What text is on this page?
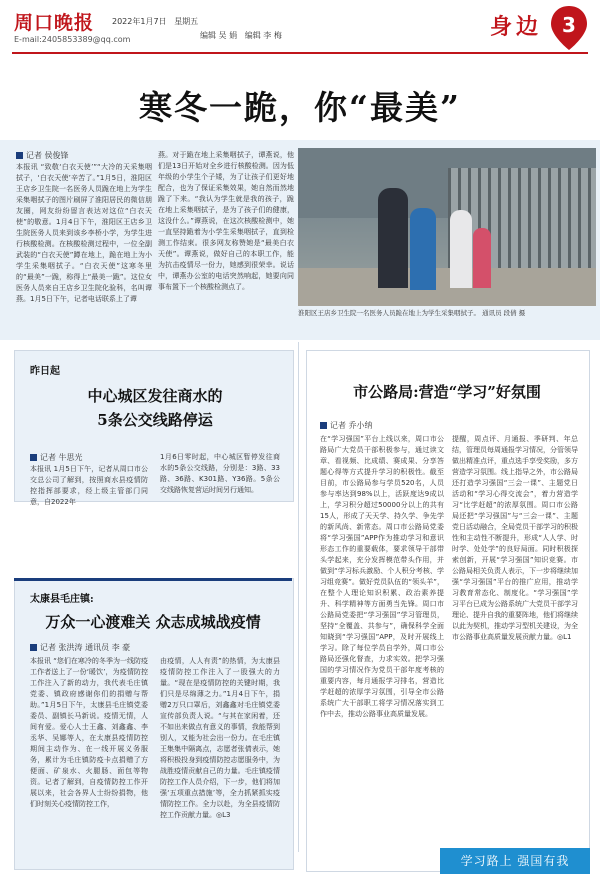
周口晚报
E-mail:2405853389@qq.com
2022年1月7日 星期五
编辑 吴 娟 编辑 李 梅	身边 3
寒冬一跪，你“最美”
记者 侯俊锋
本报讯 “致敬‘白衣天使’”“大冷的天采集咽拭子，‘白衣天使’辛苦了。”1月5日，淮阳区王店乡卫生院一名医务人员跪在地上为学生采集咽拭子的图片刷屏了淮阳居民的微信朋友圈，网友纷纷留言表达对这位“白衣天使”的敬意。1月4日下午，淮阳区王店乡卫生院医务人员来到该乡李桥小学，为学生进行核酸检测。在核酸检测过程中，一位全副武装的“白衣天使”蹲在地上，跪在地上为小学生采集咽拭子。“白衣天使”这寒冬里的“最美”一跪，称得上“最美一跪”。这位女医务人员来自王店乡卫生院化验科，名叫谭燕。1月5日下午，记者电话联系上了谭
燕。对于跪在地上采集咽拭子，谭燕说，他们是13日开始对全乡进行核酸检测。因为低年级的小学生个子矮，为了让孩子们更好地配合，也为了保证采集效果，她自然而然地跪了下来。“我认为学生就是我的孩子，跪在地上采集咽拭子，是为了孩子们的健康，这没什么。”谭燕说，在这次核酸检测中，她一直坚持跪着为小学生采集咽拭子，直到检测工作结束。很多网友称赞她是“最美白衣天使”。谭燕说，做好自己的本职工作，能为抗击疫情尽一份力，她感到很荣幸。说话中，谭燕办公室的电话突然响起，她要向同事布置下一个核酸检测点了。
淮阳区王店乡卫生院一名医务人员跪在地上为学生采集咽拭子。 通讯员 段倩 摄
昨日起
中心城区发往商水的
5条公交线路停运
记者 牛思光
本报讯 1月5日下午，记者从周口市公交总公司了解到，按照商水县疫情防控指挥部要求，经上级主管部门同意，自2022年
1月6日零时起，中心城区暂停发往商水的5条公交线路，分别是：3路、33路、36路、K301路、Y36路。5条公交线路恢复营运时间另行通知。
太康县毛庄镇:
万众一心渡难关 众志成城战疫情
记者 张洪涛 通讯员 李 豪
本报讯 “您们在寒冷的冬季为一线防疫工作者送上了一份‘暖饮’，为疫情防控工作注入了新的动力，我代表毛庄镇党委、镇政府感谢你们的捐赠与帮助。”1月5日下午，太康县毛庄镇党委委员、副镇长马新说。疫情无情，人间有爱。爱心人士王鑫、刘鑫鑫、李丞华、吴娜等人，在太康县疫情防控期间主动作为、在一线开展义务服务，累计为毛庄镇防疫卡点捐赠了方便面、矿泉水、火腿肠、面包等物资。记者了解到，自疫情防控工作开展以来，社会各界人士纷纷捐物，他们时刻关心疫情防控工作，
由疫情，人人有责”的热情，为太康县疫情防控工作注入了一股强大的力量。“现在是疫情防控的关键时期，我们只是尽绵薄之力。”1月4日下午，捐赠2万只口罩后，刘鑫鑫对毛庄镇党委宣传部负责人说。“与其在家闲着，还不如出来做点有意义的事情，我能帮到别人，又能为社会出一份力。在毛庄镇王集集中隔离点，志愿者张倩表示，她将积极投身到疫情防控志愿服务中，为战胜疫情贡献自己的力量。毛庄镇疫情防控工作人员介绍，下一步，他们将加强‘五项重点措施’等，全力抓紧抓实疫情防控工作。全力以赴，为全县疫情防控工作贡献力量。◎L3
市公路局:营造“学习”好氛围
记者 乔小纳
在“学习强国”平台上线以来，周口市公路局广大党员干部积极参与，通过读文章、看视频、比成绩、赛成果、分享答题心得等方式提升学习的积极性。截至目前，市公路局参与学员520名，人员参与率达到98%以上，活跃度达9成以上，学习积分超过50000分以上的共有15人，形成了天天学、持久学、争先学的新风尚、新常态。周口市公路局党委将“学习强国”APP作为推动学习和意识形态工作的重要载体，要求领导干部带头学起来，充分发挥模范带头作用，并做到“学习标兵激励、个人积分考核、学习组竞赛”。做好党员队伍的“领头羊”，在整个人理论知识积累、政治素养提升、科学精神等方面勇当先锋。周口市公路局党委把“学习强国”学习管理员，坚持“全覆盖、共参与”，确保科学全面知晓到“学习强国”APP，及时开展线上学习。除了每位学员自学外，周口市公路局还强化督查，力求实效。把学习强国的学习情况作为党员干部年度考核的重要内容，每月通报学习排名，营造比学赶超的浓厚学习氛围，引导全市公路系统广大干部职工将学习情况落实到工作中去，推动公路事业高质量发展。
提醒，周点评、月通报、季研判、年总结，管理员每周通报学习情况，分管领导做出精准点评，重点选手享受奖励，多方营造学习氛围。线上指导之外，市公路局还打造学习强国“三会一课”、主题党日活动和“学习心得交流会”，着力营造学习“比学赶超”的浓厚氛围。周口市公路局还把“学习强国”与“三会一课”、主题党日活动融合，全局党员干部学习的积极性和主动性不断提升，形成“人人学、时时学、处处学”的良好局面。同时积极探索创新，开展“学习强国”知识竞赛。市公路局相关负责人表示，下一步将继续加强“学习强国”平台的推广应用，推动学习教育常态化、制度化。“学习强国”学习平台已成为公路系统广大党员干部学习理论、提升自我的重要阵地，他们将继续以此为契机，推动学习型机关建设，为全市公路事业高质量发展贡献力量。◎L1
学习路上 强国有我
